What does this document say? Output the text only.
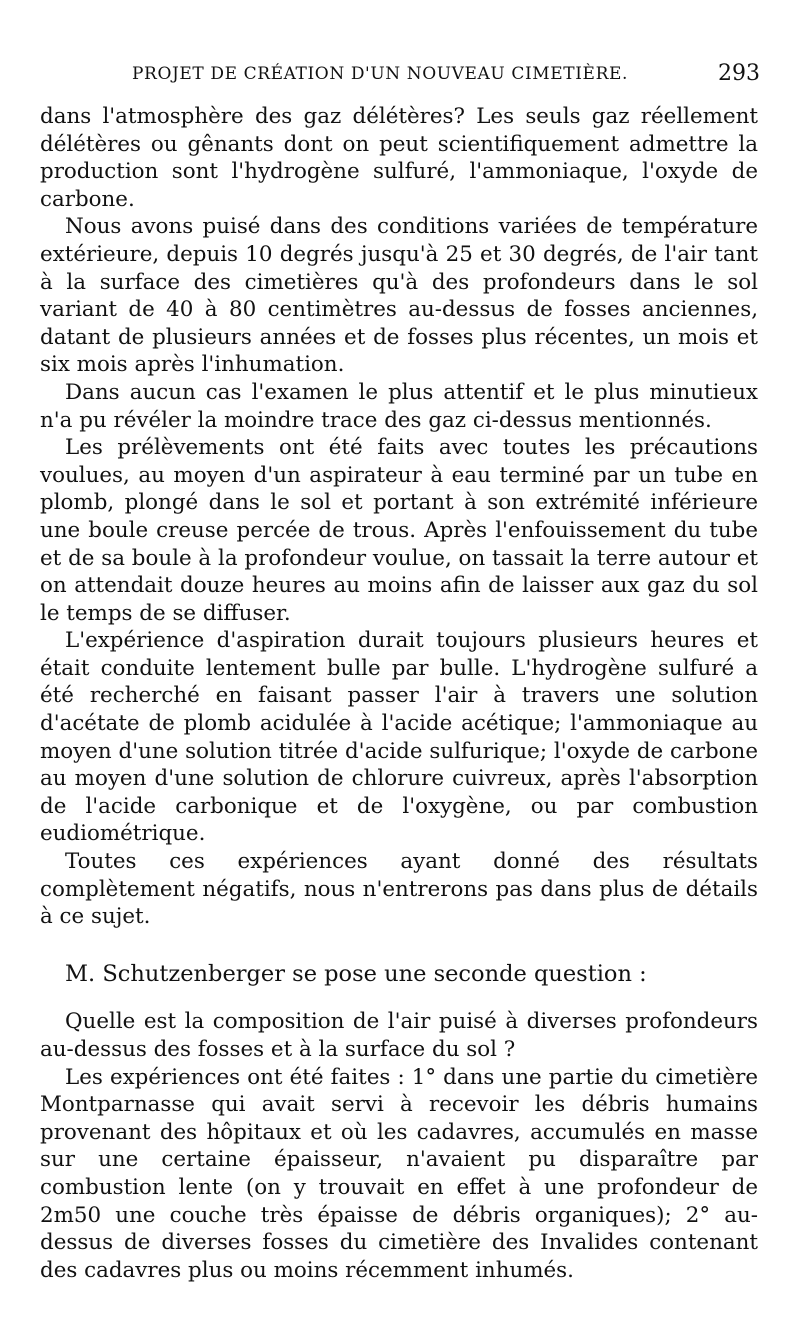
PROJET DE CRÉATION D'UN NOUVEAU CIMETIÈRE.	293

dans l'atmosphère des gaz délétères? Les seuls gaz réellement délétères ou gênants dont on peut scientifiquement admettre la production sont l'hydrogène sulfuré, l'ammoniaque, l'oxyde de carbone.

Nous avons puisé dans des conditions variées de température extérieure, depuis 10 degrés jusqu'à 25 et 30 degrés, de l'air tant à la surface des cimetières qu'à des profondeurs dans le sol variant de 40 à 80 centimètres au-dessus de fosses anciennes, datant de plusieurs années et de fosses plus récentes, un mois et six mois après l'inhumation.

Dans aucun cas l'examen le plus attentif et le plus minutieux n'a pu révéler la moindre trace des gaz ci-dessus mentionnés.

Les prélèvements ont été faits avec toutes les précautions voulues, au moyen d'un aspirateur à eau terminé par un tube en plomb, plongé dans le sol et portant à son extrémité inférieure une boule creuse percée de trous. Après l'enfouissement du tube et de sa boule à la profondeur voulue, on tassait la terre autour et on attendait douze heures au moins afin de laisser aux gaz du sol le temps de se diffuser.

L'expérience d'aspiration durait toujours plusieurs heures et était conduite lentement bulle par bulle. L'hydrogène sulfuré a été recherché en faisant passer l'air à travers une solution d'acétate de plomb acidulée à l'acide acétique; l'ammoniaque au moyen d'une solution titrée d'acide sulfurique; l'oxyde de carbone au moyen d'une solution de chlorure cuivreux, après l'absorption de l'acide carbonique et de l'oxygène, ou par combustion eudiométrique.

Toutes ces expériences ayant donné des résultats complètement négatifs, nous n'entrerons pas dans plus de détails à ce sujet.

M. Schutzenberger se pose une seconde question :

Quelle est la composition de l'air puisé à diverses profondeurs au-dessus des fosses et à la surface du sol ?

Les expériences ont été faites : 1° dans une partie du cimetière Montparnasse qui avait servi à recevoir les débris humains provenant des hôpitaux et où les cadavres, accumulés en masse sur une certaine épaisseur, n'avaient pu disparaître par combustion lente (on y trouvait en effet à une profondeur de 2m50 une couche très épaisse de débris organiques); 2° au-dessus de diverses fosses du cimetière des Invalides contenant des cadavres plus ou moins récemment inhumés.
